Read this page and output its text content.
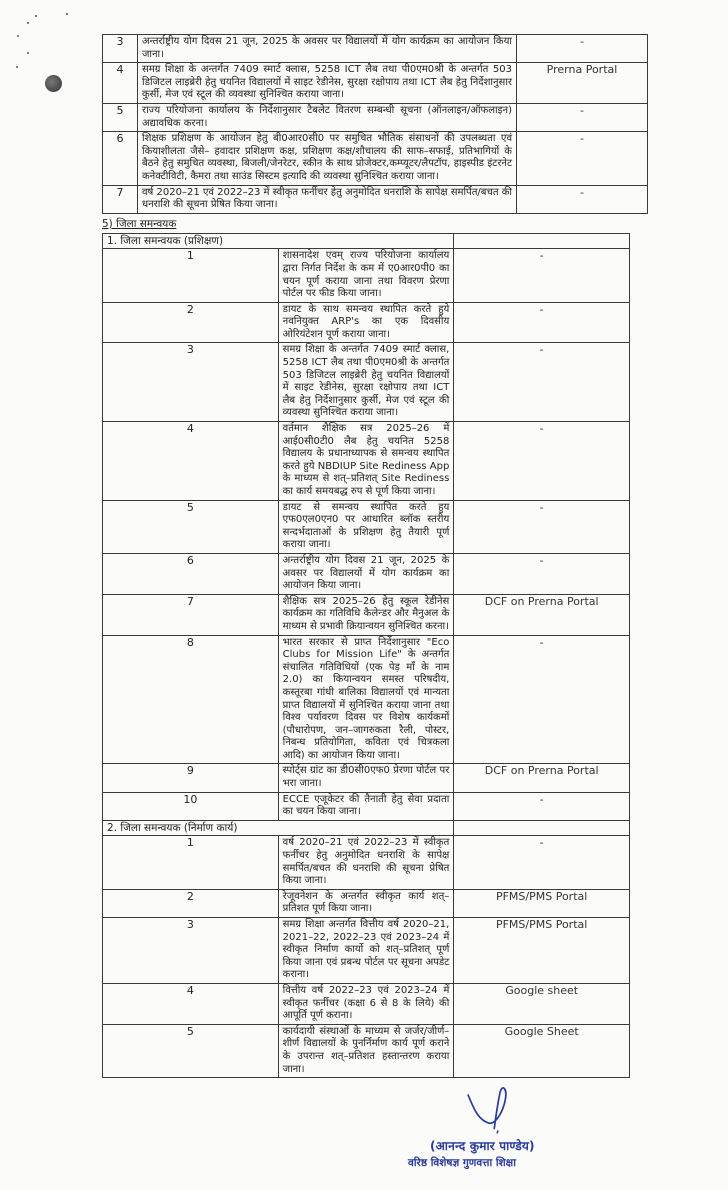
3	अन्तर्राष्ट्रीय योग दिवस 21 जून, 2025 के अवसर पर विद्यालयों में योग कार्यक्रम का आयोजन किया जाना।	-
4	समग्र शिक्षा के अन्तर्गत 7409 स्मार्ट क्लास, 5258 ICT लैब तथा पी0एम0श्री के अन्तर्गत 503 डिजिटल लाइब्रेरी हेतु चयनित विद्यालयों में साइट रेडीनेस, सुरक्षा रक्षोपाय तथा ICT लैब हेतु निर्देशानुसार कुर्सी, मेज एवं स्टूल की व्यवस्था सुनिश्चित कराया जाना।	Prerna Portal
5	राज्य परियोजना कार्यालय के निर्देशानुसार टैबलेट वितरण सम्बन्धी सूचना (ऑनलाइन/ऑफलाइन) अद्यावधिक करना।	-
6	शिक्षक प्रशिक्षण के आयोजन हेतु बी0आर0सी0 पर समुचित भौतिक संसाधनों की उपलब्धता एवं कियाशीलता जैसे– हवादार प्रशिक्षण कक्ष, प्रशिक्षण कक्ष/शौचालय की साफ–सफाई, प्रतिभागियों के बैठने हेतु समुचित व्यवस्था, बिजली/जेनरेटर, स्कीन के साथ प्रोजेक्टर,कम्प्यूटर/लैपटॉप, हाइस्पीड इंटरनेट कनेक्टीविटी, कैमरा तथा साउंड सिस्टम इत्यादि की व्यवस्था सुनिश्चित कराया जाना।	-
7	वर्ष 2020–21 एवं 2022–23 में स्वीकृत फर्नीचर हेतु अनुमोदित धनराशि के सापेक्ष समर्पित/बचत की धनराशि की सूचना प्रेषित किया जाना।	-
5) जिला समन्वयक
1. जिला समन्वयक (प्रशिक्षण)		
1	शासनादेश एवम् राज्य परियोजना कार्यालय द्वारा निर्गत निर्देश के कम में ए0आर0पी0 का चयन पूर्ण कराया जाना तथा विवरण प्रेरणा पोर्टल पर फीड किया जाना।	-
2	डायट के साथ समन्वय स्थापित करते हुये नवनियुक्त ARP's का एक दिवसीय ओरियंटेशन पूर्ण कराया जाना।	-
3	समग्र शिक्षा के अन्तर्गत 7409 स्मार्ट क्लास, 5258 ICT लैब तथा पी0एम0श्री के अन्तर्गत 503 डिजिटल लाइब्रेरी हेतु चयनित विद्यालयों में साइट रेडीनेस, सुरक्षा रक्षोपाय तथा ICT लैब हेतु निर्देशानुसार कुर्सी, मेज एवं स्टूल की व्यवस्था सुनिश्चित कराया जाना।	-
4	वर्तमान शैक्षिक सत्र 2025–26 में आई0सी0टी0 लैब हेतु चयनित 5258 विद्यालय के प्रधानाध्यापक से समन्वय स्थापित करते हुये NBDIUP Site Rediness App के माध्यम से शत्–प्रतिशत् Site Rediness का कार्य समयबद्ध रुप से पूर्ण किया जाना।	-
5	डायट से समन्वय स्थापित करते हुय एफ0एल0एन0 पर आधारित ब्लॉक स्तरीय सन्दर्भदाताओं के प्रशिक्षण हेतु तैयारी पूर्ण कराया जाना।	-
6	अन्तर्राष्ट्रीय योग दिवस 21 जून, 2025 के अवसर पर विद्यालयों में योग कार्यक्रम का आयोजन किया जाना।	-
7	शैक्षिक सत्र 2025–26 हेतु स्कूल रेडीनेस कार्यक्रम का गतिविधि कैलेन्डर और मैनुअल के माध्यम से प्रभावी क्रियान्वयन सुनिश्चित करना।	DCF on Prerna Portal
8	भारत सरकार से प्राप्त निर्देशानुसार "Eco Clubs for Mission Life" के अन्तर्गत संचालित गतिविधियों (एक पेड़ माँ के नाम 2.0) का कियान्वयन समस्त परिषदीय, कस्तूरबा गांधी बालिका विद्यालयों एवं मान्यता प्राप्त विद्यालयों में सुनिश्चित कराया जाना तथा विश्व पर्यावरण दिवस पर विशेष कार्यकमों (पौधारोपण, जन–जागरुकता रैली, पोस्टर, निबन्ध प्रतियोगिता, कविता एवं चित्रकला आदि) का आयोजन किया जाना।	-
9	स्पोर्ट्स ग्रांट का डी0सी0एफ0 प्रेरणा पोर्टल पर भरा जाना।	DCF on Prerna Portal
10	ECCE एजूकेटर की तैनाती हेतु सेवा प्रदाता का चयन किया जाना।	-
2. जिला समन्वयक (निर्माण कार्य)		
1	वर्ष 2020–21 एवं 2022–23 में स्वीकृत फर्नीचर हेतु अनुमोदित धनराशि के सापेक्ष समर्पित/बचत की धनराशि की सूचना प्रेषित किया जाना।	-
2	रेजूवनेशन के अन्तर्गत स्वीकृत कार्य शत्–प्रतिशत पूर्ण किया जाना।	PFMS/PMS Portal
3	समग्र शिक्षा अन्तर्गत वित्तीय वर्ष 2020–21, 2021–22, 2022–23 एवं 2023–24 में स्वीकृत निर्माण कार्यो को शत्–प्रतिशत् पूर्ण किया जाना एवं प्रबन्ध पोर्टल पर सूचना अपडेट कराना।	PFMS/PMS Portal
4	वित्तीय वर्ष 2022–23 एवं 2023–24 में स्वीकृत फर्नीचर (कक्षा 6 से 8 के लिये) की आपूर्ति पूर्ण कराना।	Google sheet
5	कार्यदायी संस्थाओं के माध्यम से जर्जर/जीर्ण–शीर्ण विद्यालयों के पुनर्निर्माण कार्य पूर्ण कराने के उपरान्त शत्–प्रतिशत हस्तान्तरण कराया जाना।	Google Sheet
(आनन्द कुमार पाण्डेय)
वरिष्ठ विशेषज्ञ गुणवत्ता शिक्षा
